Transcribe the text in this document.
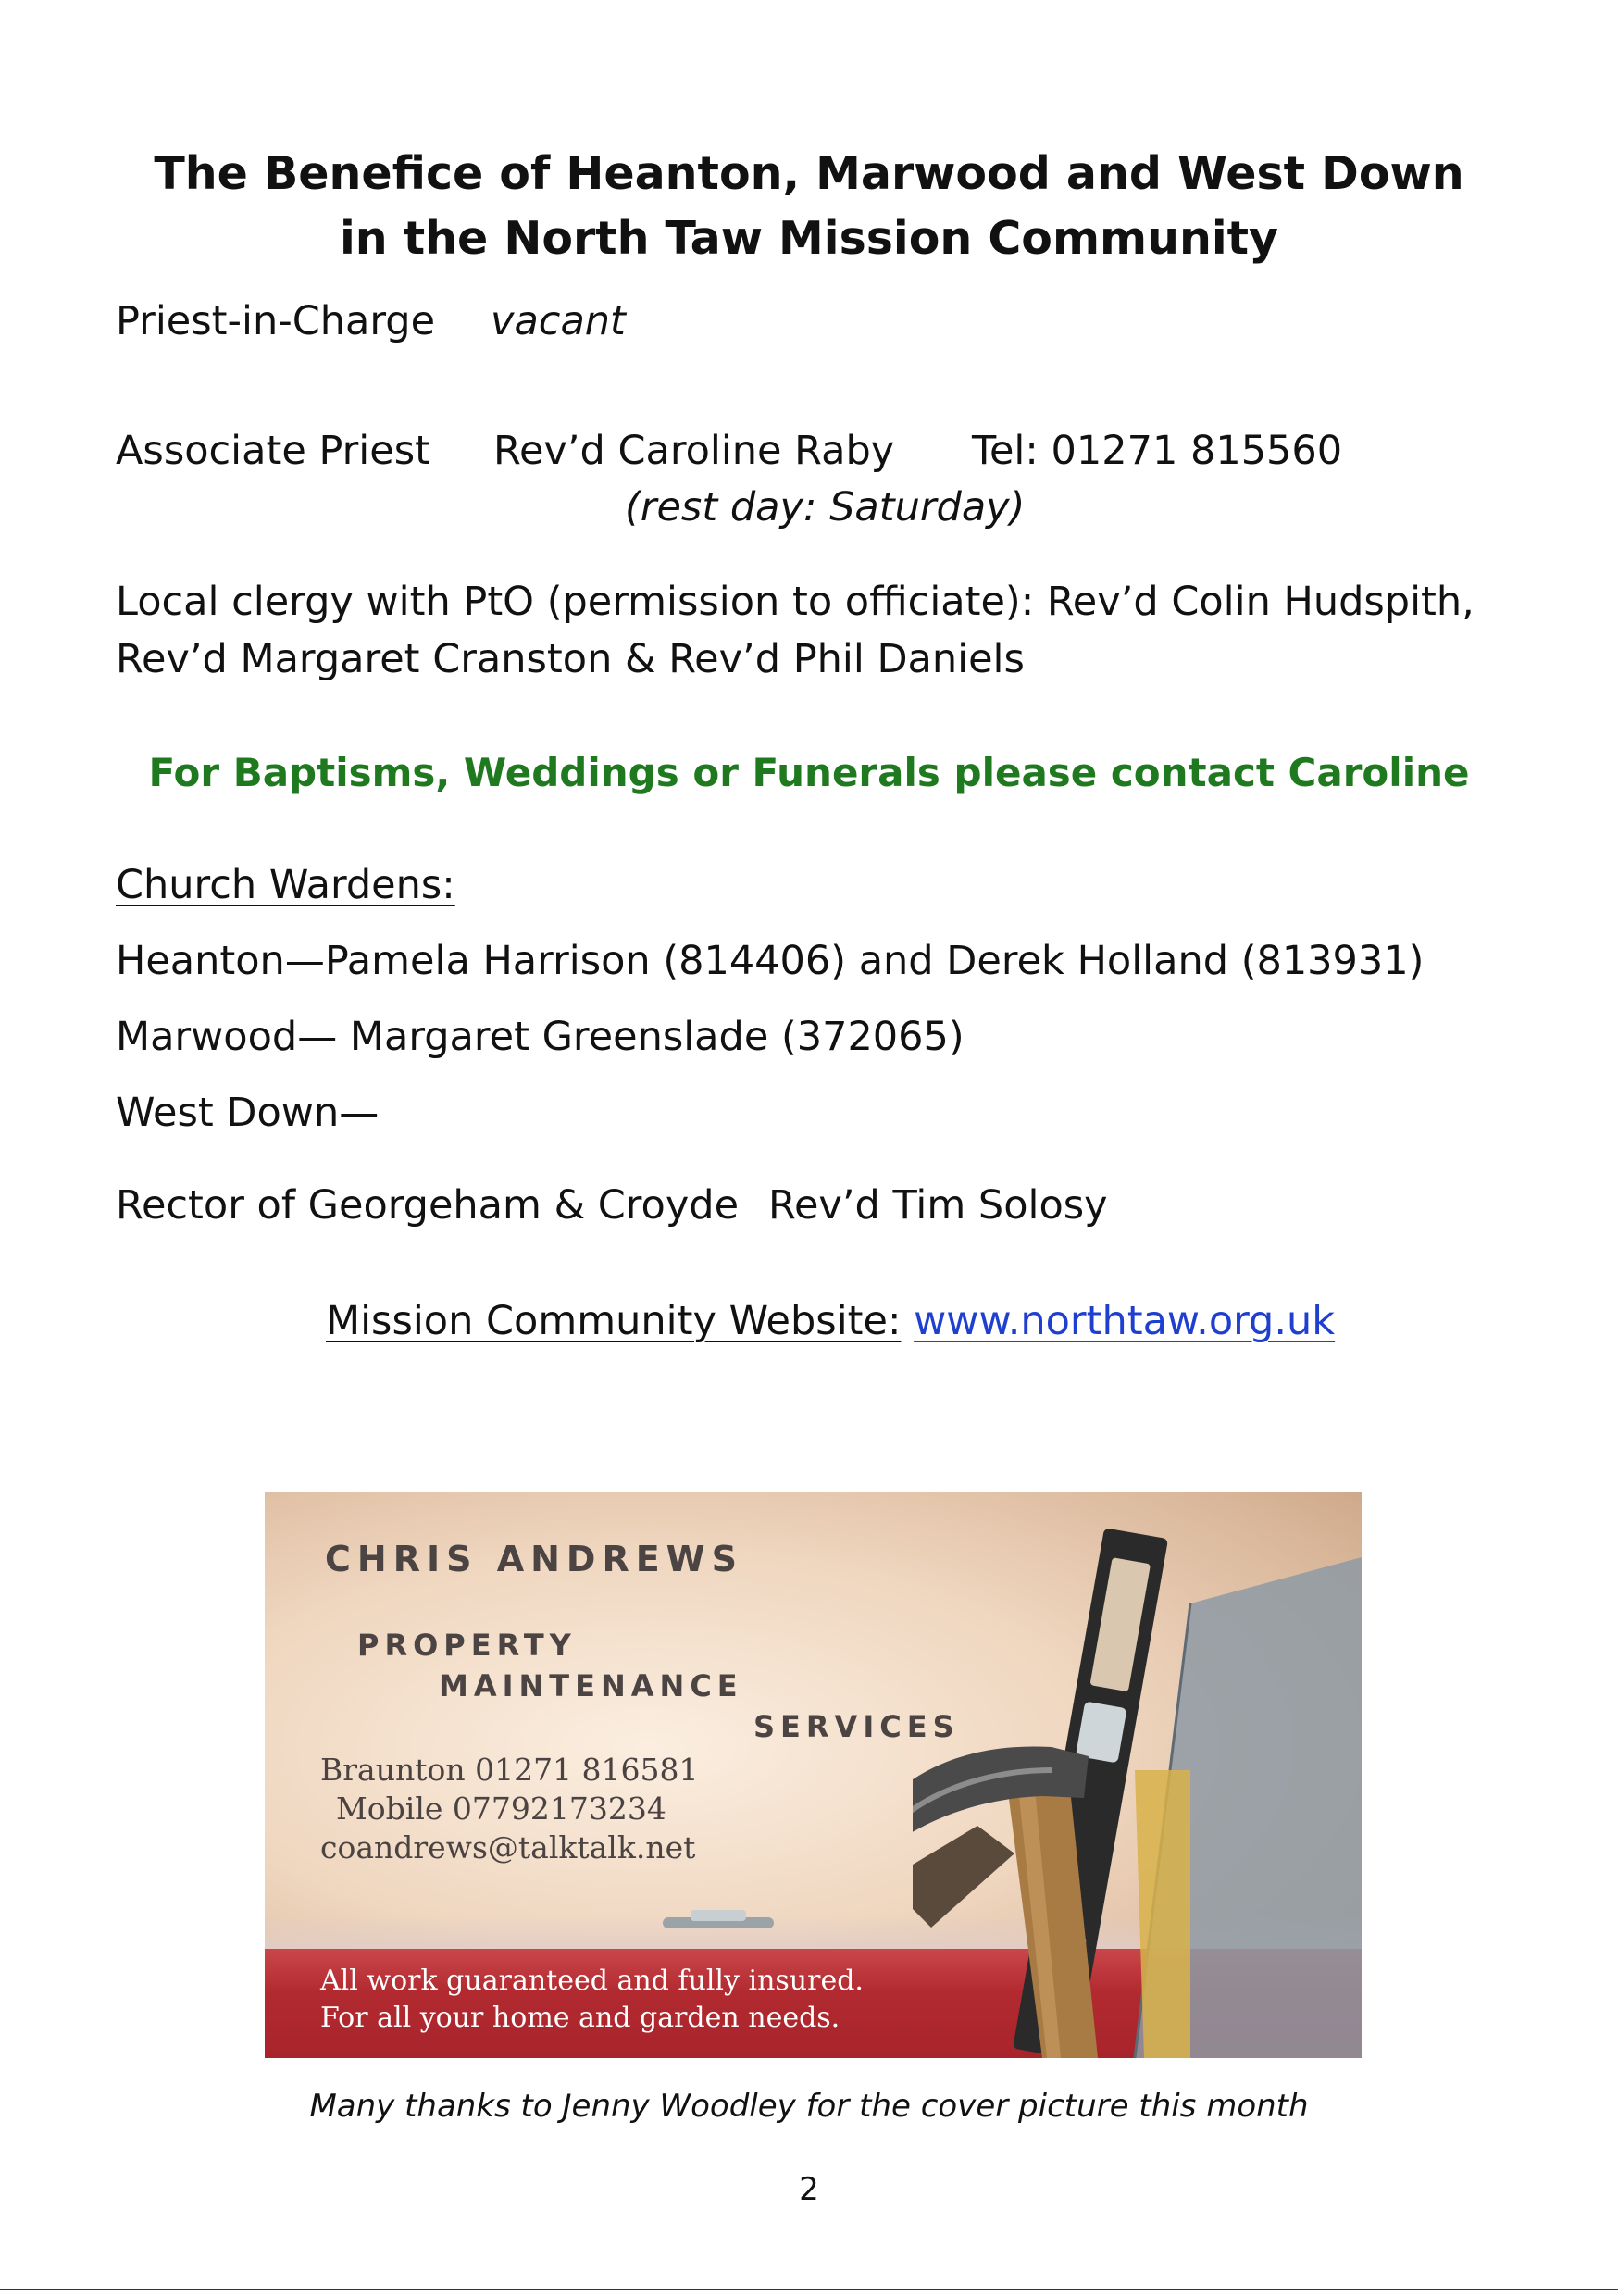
The Benefice of Heanton, Marwood and West Down
in the North Taw Mission Community
Priest-in-Charge vacant
Associate Priest Rev’d Caroline Raby Tel: 01271 815560
(rest day: Saturday)
Local clergy with PtO (permission to officiate): Rev’d Colin Hudspith,
Rev’d Margaret Cranston & Rev’d Phil Daniels
For Baptisms, Weddings or Funerals please contact Caroline
Church Wardens:
Heanton—Pamela Harrison (814406) and Derek Holland (813931)
Marwood— Margaret Greenslade (372065)
West Down—
Rector of Georgeham & Croyde Rev’d Tim Solosy
Mission Community Website: www.northtaw.org.uk
CHRIS ANDREWS
PROPERTY
MAINTENANCE
SERVICES
Braunton 01271 816581
Mobile 07792173234
coandrews@talktalk.net
All work guaranteed and fully insured.
For all your home and garden needs.
Many thanks to Jenny Woodley for the cover picture this month
2
